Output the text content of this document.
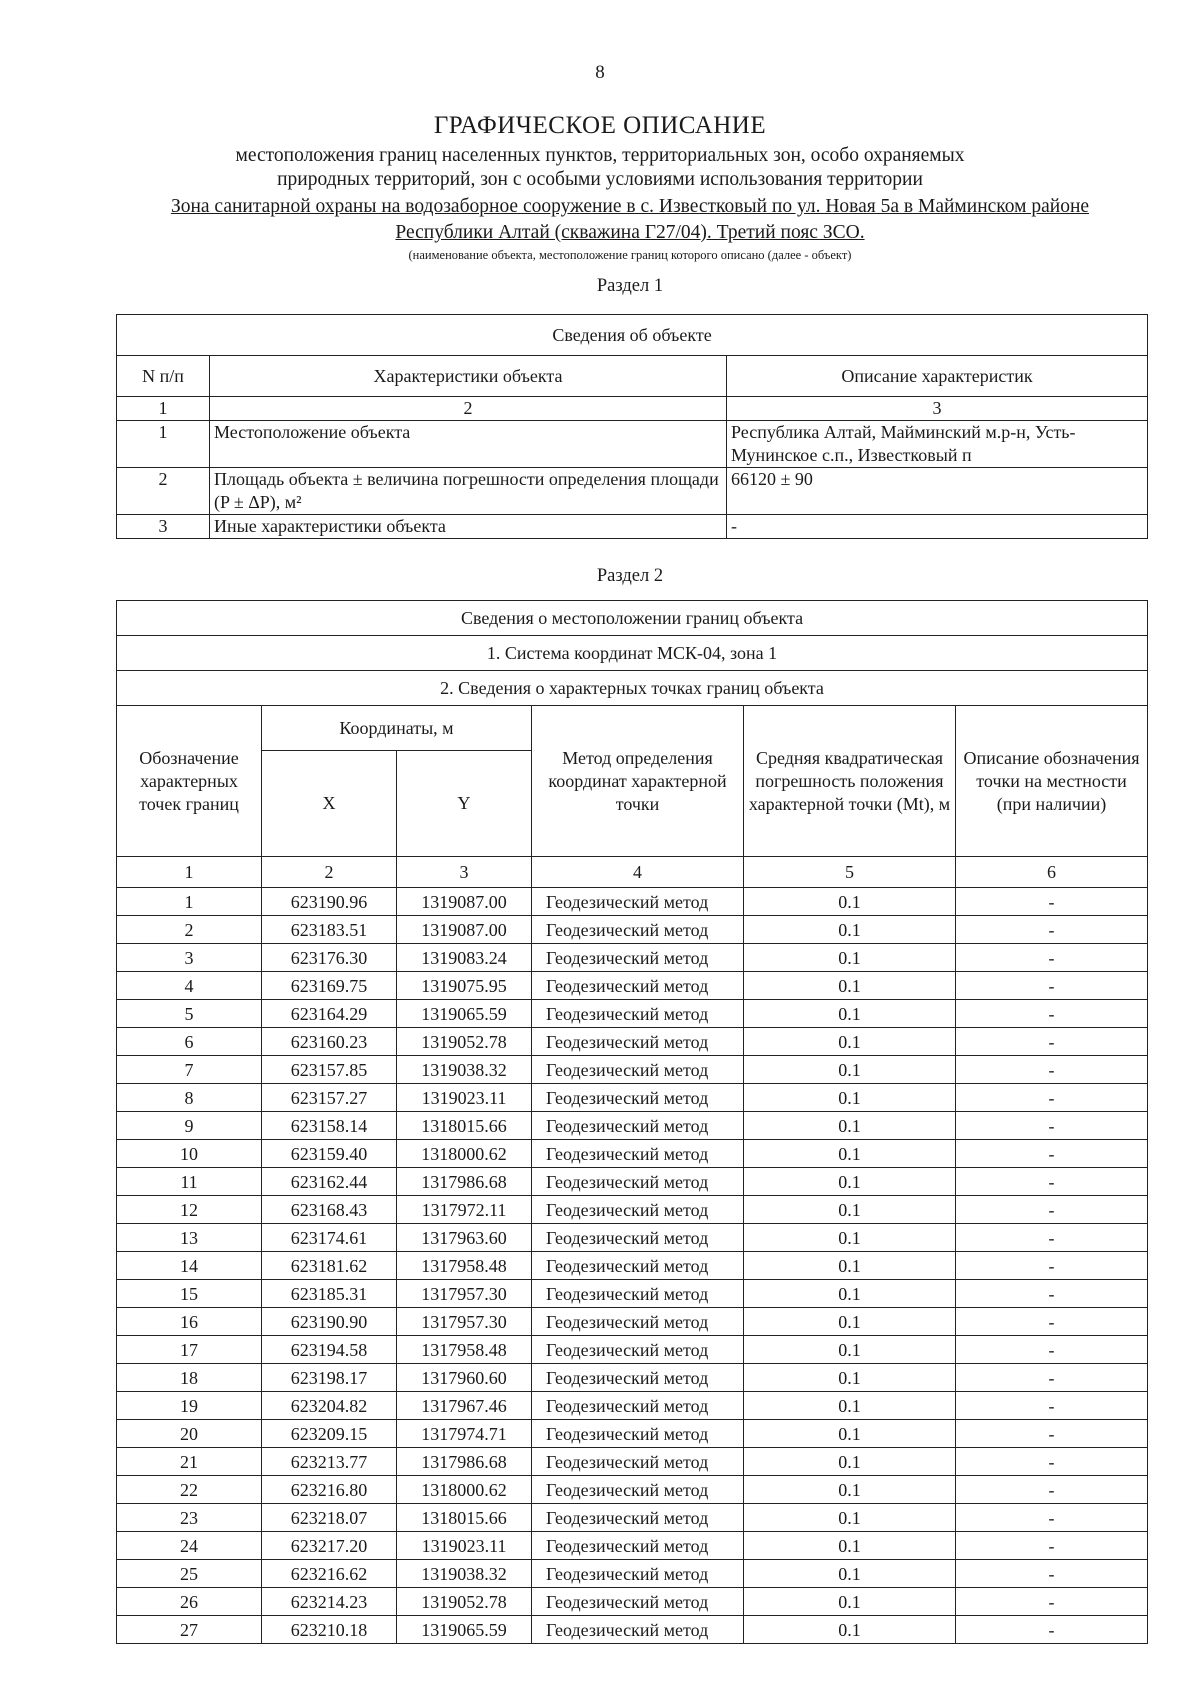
8
ГРАФИЧЕСКОЕ ОПИСАНИЕ
местоположения границ населенных пунктов, территориальных зон, особо охраняемых
природных территорий, зон с особыми условиями использования территории
Зона санитарной охраны на водозаборное сооружение в с. Известковый по ул. Новая 5а в Майминском районе
Республики Алтай (скважина Г27/04). Третий пояс ЗСО.
(наименование объекта, местоположение границ которого описано (далее - объект)
Раздел 1
Сведения об объекте		
N п/п	Характеристики объекта	Описание характеристик
1	2	3
1	Местоположение объекта	Республика Алтай, Майминский м.р-н, Усть-Мунинское с.п., Известковый п
2	Площадь объекта ± величина погрешности определения площади (P ± ΔP), м²	66120 ± 90
3	Иные характеристики объекта	-
Раздел 2
Сведения о местоположении границ объекта					
1. Система координат МСК-04, зона 1					
2. Сведения о характерных точках границ объекта					
Обозначение характерных точек границ	Координаты, м		Метод определения координат характерной точки	Средняя квадратическая погрешность положения характерной точки (Mt), м	Описание обозначения точки на местности (при наличии)
	X	Y			
1	2	3	4	5	6
1	623190.96	1319087.00	Геодезический метод	0.1	-
2	623183.51	1319087.00	Геодезический метод	0.1	-
3	623176.30	1319083.24	Геодезический метод	0.1	-
4	623169.75	1319075.95	Геодезический метод	0.1	-
5	623164.29	1319065.59	Геодезический метод	0.1	-
6	623160.23	1319052.78	Геодезический метод	0.1	-
7	623157.85	1319038.32	Геодезический метод	0.1	-
8	623157.27	1319023.11	Геодезический метод	0.1	-
9	623158.14	1318015.66	Геодезический метод	0.1	-
10	623159.40	1318000.62	Геодезический метод	0.1	-
11	623162.44	1317986.68	Геодезический метод	0.1	-
12	623168.43	1317972.11	Геодезический метод	0.1	-
13	623174.61	1317963.60	Геодезический метод	0.1	-
14	623181.62	1317958.48	Геодезический метод	0.1	-
15	623185.31	1317957.30	Геодезический метод	0.1	-
16	623190.90	1317957.30	Геодезический метод	0.1	-
17	623194.58	1317958.48	Геодезический метод	0.1	-
18	623198.17	1317960.60	Геодезический метод	0.1	-
19	623204.82	1317967.46	Геодезический метод	0.1	-
20	623209.15	1317974.71	Геодезический метод	0.1	-
21	623213.77	1317986.68	Геодезический метод	0.1	-
22	623216.80	1318000.62	Геодезический метод	0.1	-
23	623218.07	1318015.66	Геодезический метод	0.1	-
24	623217.20	1319023.11	Геодезический метод	0.1	-
25	623216.62	1319038.32	Геодезический метод	0.1	-
26	623214.23	1319052.78	Геодезический метод	0.1	-
27	623210.18	1319065.59	Геодезический метод	0.1	-
